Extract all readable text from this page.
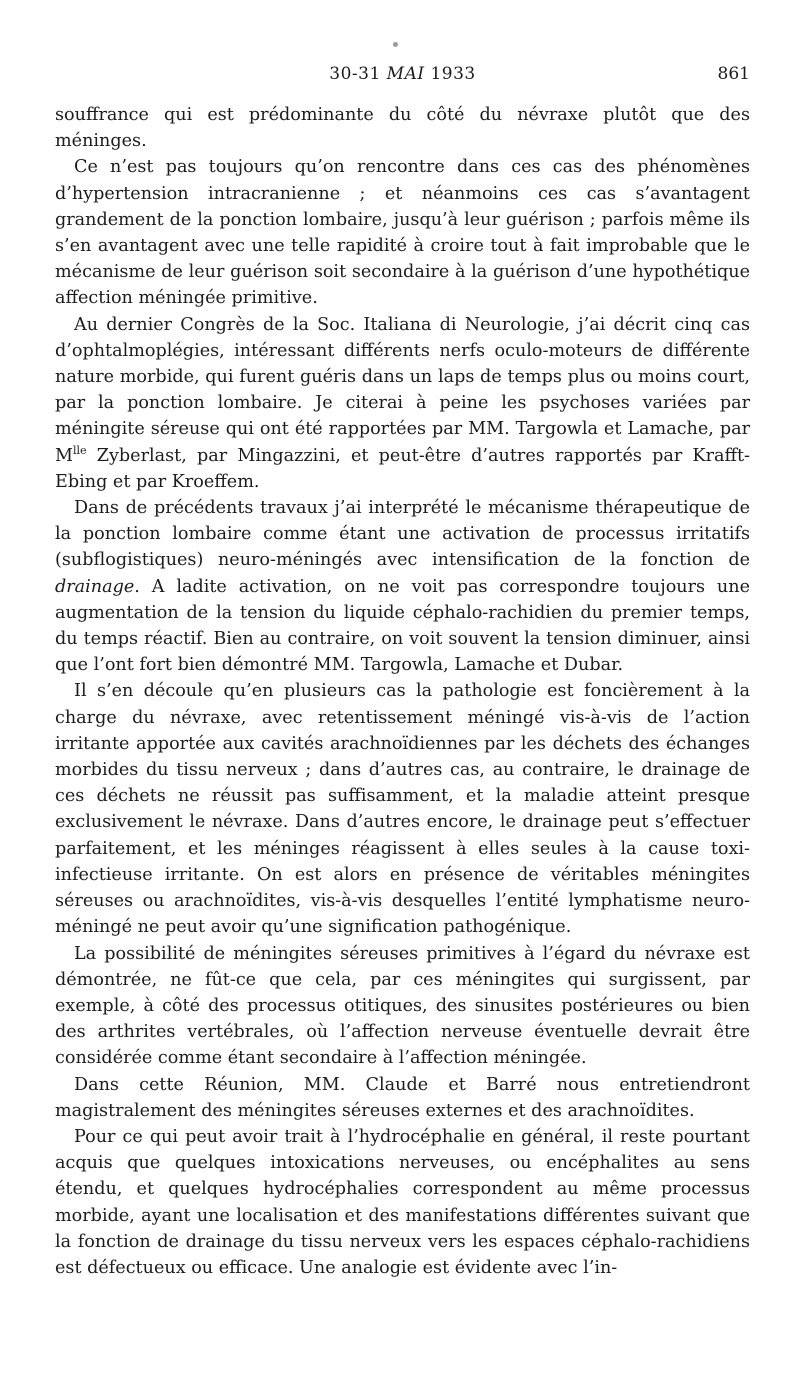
30-31 MAI 1933	861

souffrance qui est prédominante du côté du névraxe plutôt que des méninges.

Ce n’est pas toujours qu’on rencontre dans ces cas des phénomènes d’hypertension intracranienne ; et néanmoins ces cas s’avantagent grandement de la ponction lombaire, jusqu’à leur guérison ; parfois même ils s’en avantagent avec une telle rapidité à croire tout à fait improbable que le mécanisme de leur guérison soit secondaire à la guérison d’une hypothétique affection méningée primitive.

Au dernier Congrès de la Soc. Italiana di Neurologie, j’ai décrit cinq cas d’ophtalmoplégies, intéressant différents nerfs oculo-moteurs de différente nature morbide, qui furent guéris dans un laps de temps plus ou moins court, par la ponction lombaire. Je citerai à peine les psychoses variées par méningite séreuse qui ont été rapportées par MM. Targowla et Lamache, par $M^{lle}$ Zyberlast, par Mingazzini, et peut-être d’autres rapportés par Krafft-Ebing et par Kroeffem.

Dans de précédents travaux j’ai interprété le mécanisme thérapeutique de la ponction lombaire comme étant une activation de processus irritatifs (subflogistiques) neuro-méningés avec intensification de la fonction de drainage. A ladite activation, on ne voit pas correspondre toujours une augmentation de la tension du liquide céphalo-rachidien du premier temps, du temps réactif. Bien au contraire, on voit souvent la tension diminuer, ainsi que l’ont fort bien démontré MM. Targowla, Lamache et Dubar.

Il s’en découle qu’en plusieurs cas la pathologie est foncièrement à la charge du névraxe, avec retentissement méningé vis-à-vis de l’action irritante apportée aux cavités arachnoïdiennes par les déchets des échanges morbides du tissu nerveux ; dans d’autres cas, au contraire, le drainage de ces déchets ne réussit pas suffisamment, et la maladie atteint presque exclusivement le névraxe. Dans d’autres encore, le drainage peut s’effectuer parfaitement, et les méninges réagissent à elles seules à la cause toxi-infectieuse irritante. On est alors en présence de véritables méningites séreuses ou arachnoïdites, vis-à-vis desquelles l’entité lymphatisme neuro-méningé ne peut avoir qu’une signification pathogénique.

La possibilité de méningites séreuses primitives à l’égard du névraxe est démontrée, ne fût-ce que cela, par ces méningites qui surgissent, par exemple, à côté des processus otitiques, des sinusites postérieures ou bien des arthrites vertébrales, où l’affection nerveuse éventuelle devrait être considérée comme étant secondaire à l’affection méningée.

Dans cette Réunion, MM. Claude et Barré nous entretiendront magistralement des méningites séreuses externes et des arachnoïdites.

Pour ce qui peut avoir trait à l’hydrocéphalie en général, il reste pourtant acquis que quelques intoxications nerveuses, ou encéphalites au sens étendu, et quelques hydrocéphalies correspondent au même processus morbide, ayant une localisation et des manifestations différentes suivant que la fonction de drainage du tissu nerveux vers les espaces céphalo-rachidiens est défectueux ou efficace. Une analogie est évidente avec l’in-
